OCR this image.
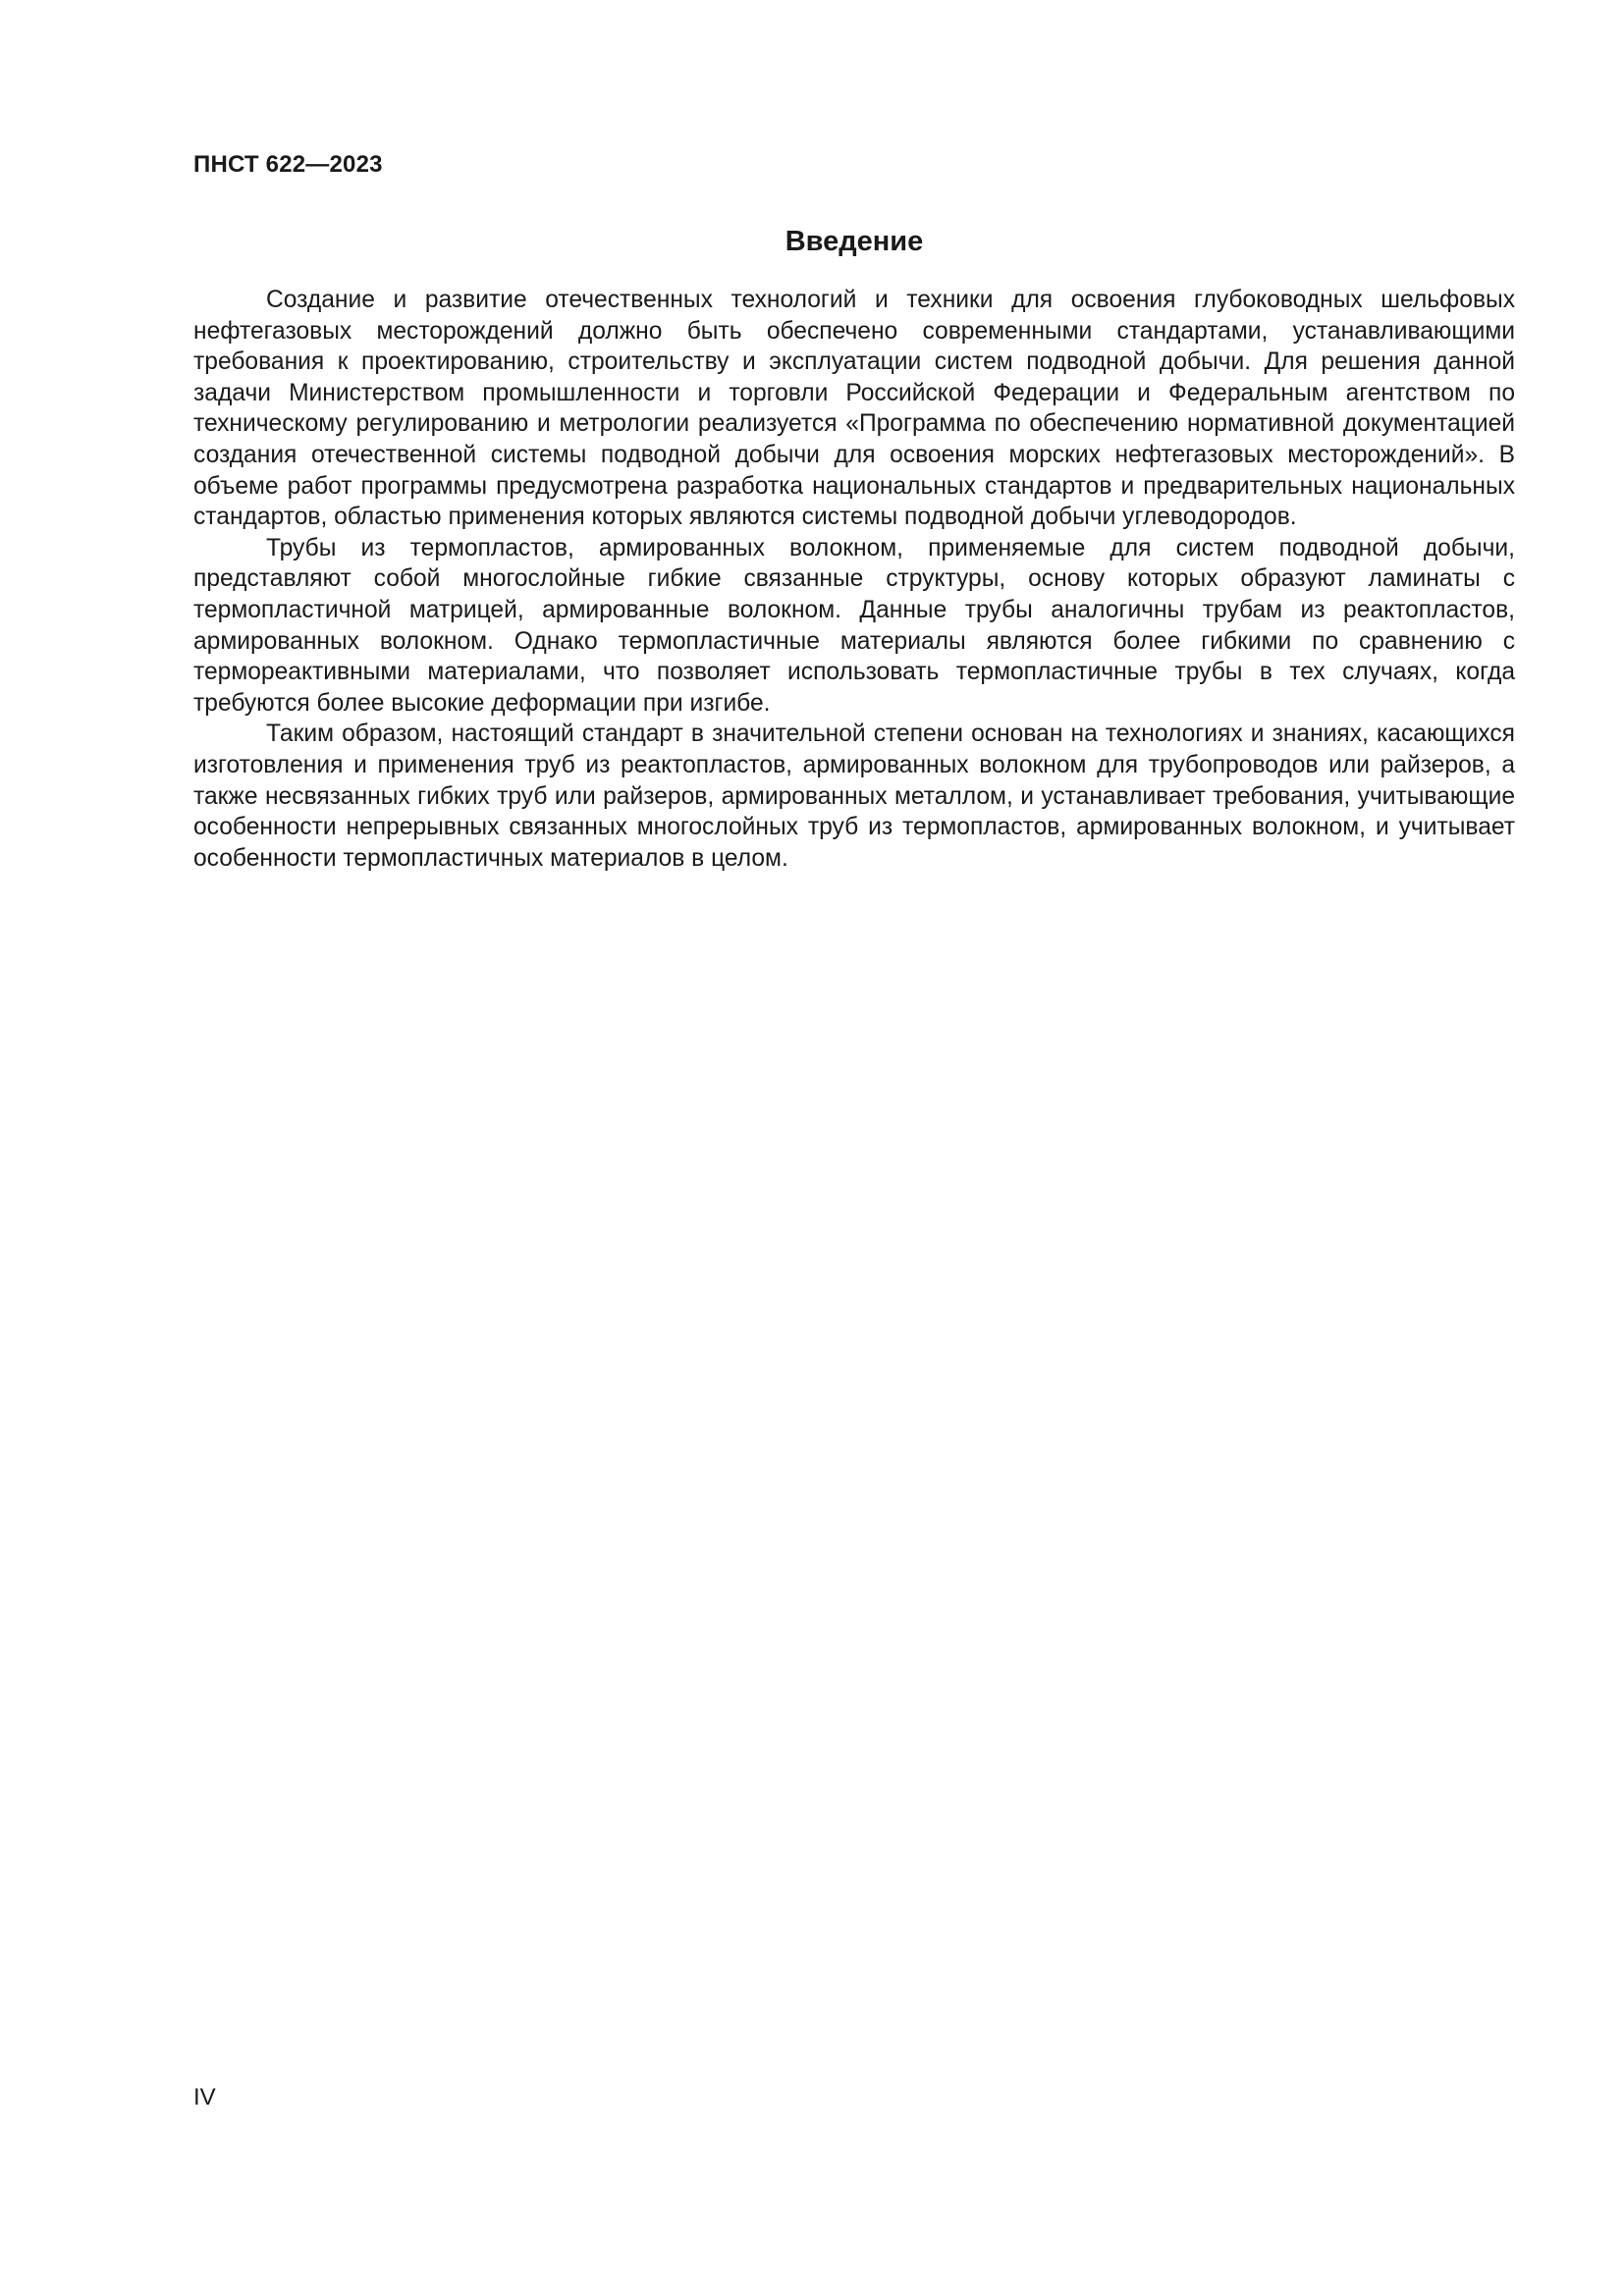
ПНСТ 622—2023
Введение

Создание и развитие отечественных технологий и техники для освоения глубоководных шельфовых нефтегазовых месторождений должно быть обеспечено современными стандартами, устанавливающими требования к проектированию, строительству и эксплуатации систем подводной добычи. Для решения данной задачи Министерством промышленности и торговли Российской Федерации и Федеральным агентством по техническому регулированию и метрологии реализуется «Программа по обеспечению нормативной документацией создания отечественной системы подводной добычи для освоения морских нефтегазовых месторождений». В объеме работ программы предусмотрена разработка национальных стандартов и предварительных национальных стандартов, областью применения которых являются системы подводной добычи углеводородов.

Трубы из термопластов, армированных волокном, применяемые для систем подводной добычи, представляют собой многослойные гибкие связанные структуры, основу которых образуют ламинаты с термопластичной матрицей, армированные волокном. Данные трубы аналогичны трубам из реактопластов, армированных волокном. Однако термопластичные материалы являются более гибкими по сравнению с термореактивными материалами, что позволяет использовать термопластичные трубы в тех случаях, когда требуются более высокие деформации при изгибе.

Таким образом, настоящий стандарт в значительной степени основан на технологиях и знаниях, касающихся изготовления и применения труб из реактопластов, армированных волокном для трубопроводов или райзеров, а также несвязанных гибких труб или райзеров, армированных металлом, и устанавливает требования, учитывающие особенности непрерывных связанных многослойных труб из термопластов, армированных волокном, и учитывает особенности термопластичных материалов в целом.

IV
